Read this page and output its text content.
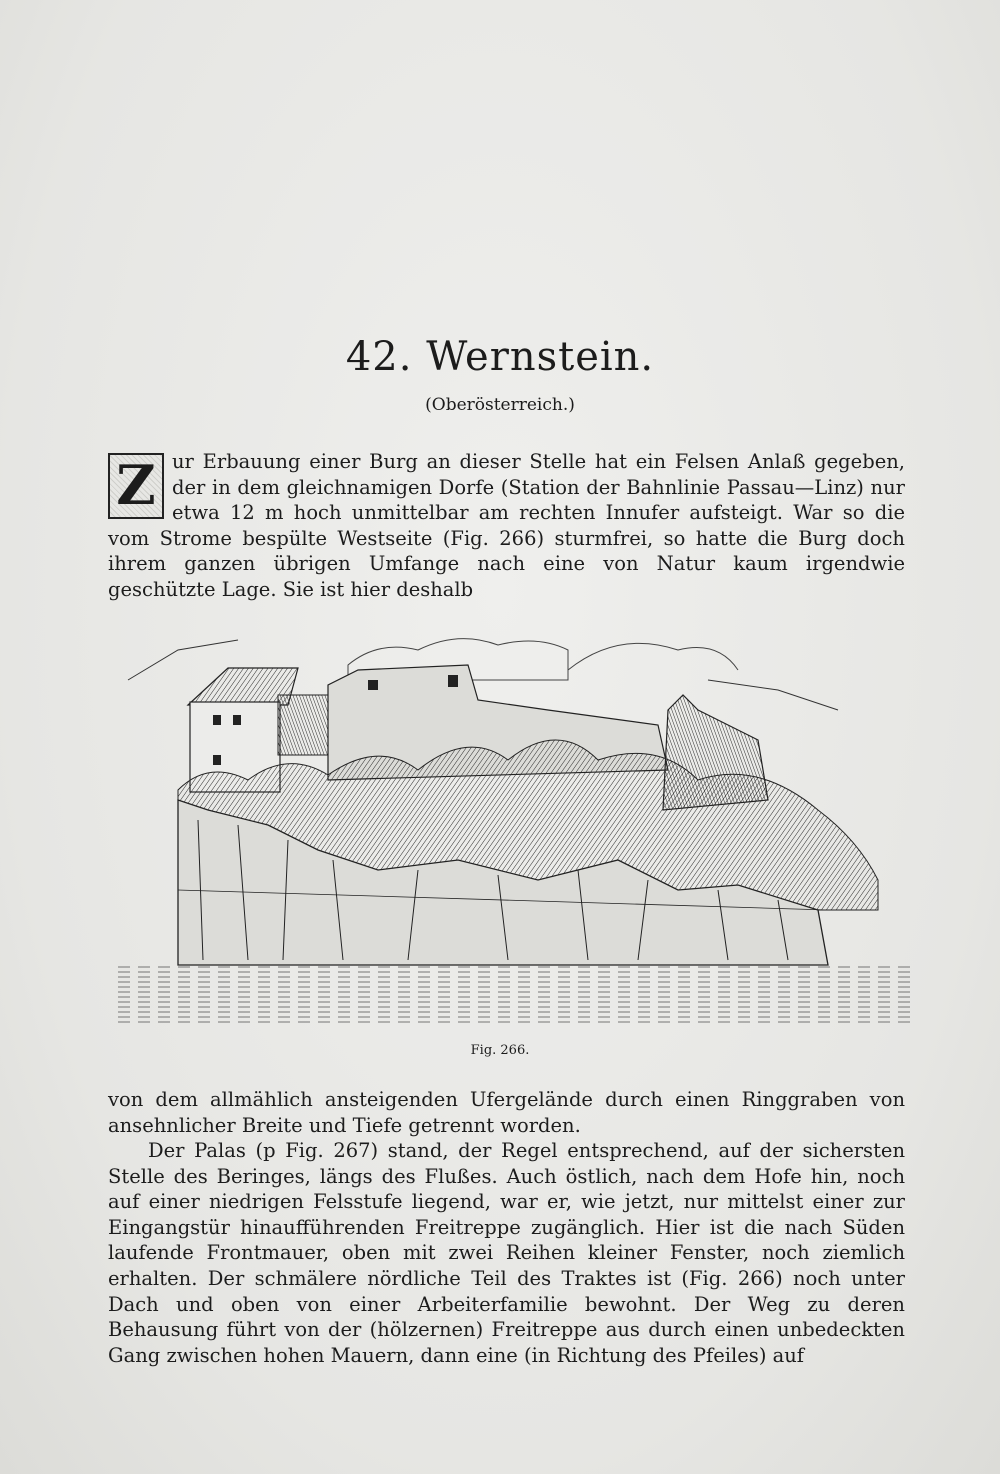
42. Wernstein.

(Oberösterreich.)

Z ur Erbauung einer Burg an dieser Stelle hat ein Felsen Anlaß gegeben, der in dem gleichnamigen Dorfe (Station der Bahnlinie Passau—Linz) nur etwa 12 m hoch unmittelbar am rechten Innufer aufsteigt. War so die vom Strome bespülte Westseite (Fig. 266) sturmfrei, so hatte die Burg doch ihrem ganzen übrigen Umfange nach eine von Natur kaum irgendwie geschützte Lage. Sie ist hier deshalb

Fig. 266.

von dem allmählich ansteigenden Ufergelände durch einen Ringgraben von ansehnlicher Breite und Tiefe getrennt worden.

Der Palas (p Fig. 267) stand, der Regel entsprechend, auf der sichersten Stelle des Beringes, längs des Flußes. Auch östlich, nach dem Hofe hin, noch auf einer niedrigen Felsstufe liegend, war er, wie jetzt, nur mittelst einer zur Eingangstür hinaufführenden Freitreppe zugänglich. Hier ist die nach Süden laufende Frontmauer, oben mit zwei Reihen kleiner Fenster, noch ziemlich erhalten. Der schmälere nördliche Teil des Traktes ist (Fig. 266) noch unter Dach und oben von einer Arbeiterfamilie bewohnt. Der Weg zu deren Behausung führt von der (hölzernen) Freitreppe aus durch einen unbedeckten Gang zwischen hohen Mauern, dann eine (in Richtung des Pfeiles) auf
